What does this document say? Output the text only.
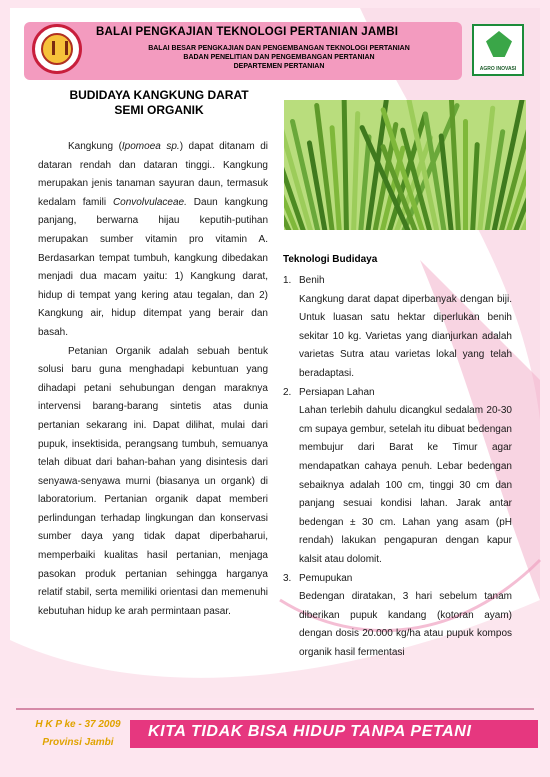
BALAI PENGKAJIAN TEKNOLOGI PERTANIAN JAMBI
BALAI BESAR PENGKAJIAN DAN PENGEMBANGAN TEKNOLOGI PERTANIAN
BADAN PENELITIAN DAN PENGEMBANGAN PERTANIAN
DEPARTEMEN PERTANIAN	AGRO INOVASI
BUDIDAYA KANGKUNG DARAT
SEMI ORGANIK

Kangkung (Ipomoea sp.) dapat ditanam di dataran rendah dan dataran tinggi.. Kangkung merupakan jenis tanaman sayuran daun, termasuk kedalam famili Convolvulaceae. Daun kangkung panjang, berwarna hijau keputih-putihan merupakan sumber vitamin pro vitamin A. Berdasarkan tempat tumbuh, kangkung dibedakan menjadi dua macam yaitu: 1) Kangkung darat, hidup di tempat yang kering atau tegalan, dan 2) Kangkung air, hidup ditempat yang berair dan basah.

Petanian Organik adalah sebuah bentuk solusi baru guna menghadapi kebuntuan yang dihadapi petani sehubungan dengan maraknya intervensi barang-barang sintetis atas dunia pertanian sekarang ini. Dapat dilihat, mulai dari pupuk, insektisida, perangsang tumbuh, semuanya telah dibuat dari bahan-bahan yang disintesis dari senyawa-senyawa murni (biasanya un organk) di laboratorium. Pertanian organik dapat memberi perlindungan terhadap lingkungan dan konservasi sumber daya yang tidak dapat diperbaharui, memperbaiki kualitas hasil pertanian, menjaga pasokan produk pertanian sehingga harganya relatif stabil, serta memiliki orientasi dan memenuhi kebutuhan hidup ke arah permintaan pasar.

Teknologi Budidaya
1. Benih

Kangkung darat dapat diperbanyak dengan biji. Untuk luasan satu hektar diperlukan benih sekitar 10 kg. Varietas yang dianjurkan adalah varietas Sutra atau varietas lokal yang telah beradaptasi.

2. Persiapan Lahan

Lahan terlebih dahulu dicangkul sedalam 20-30 cm supaya gembur, setelah itu dibuat bedengan membujur dari Barat ke Timur agar mendapatkan cahaya penuh. Lebar bedengan sebaiknya adalah 100 cm, tinggi 30 cm dan panjang sesuai kondisi lahan. Jarak antar bedengan ± 30 cm. Lahan yang asam (pH rendah) lakukan pengapuran dengan kapur kalsit atau dolomit.

3. Pemupukan

Bedengan diratakan, 3 hari sebelum tanam diberikan pupuk kandang (kotoran ayam) dengan dosis 20.000 kg/ha atau pupuk kompos organik hasil fermentasi

KITA TIDAK BISA HIDUP TANPA PETANI
H K P ke - 37 2009
Provinsi Jambi
